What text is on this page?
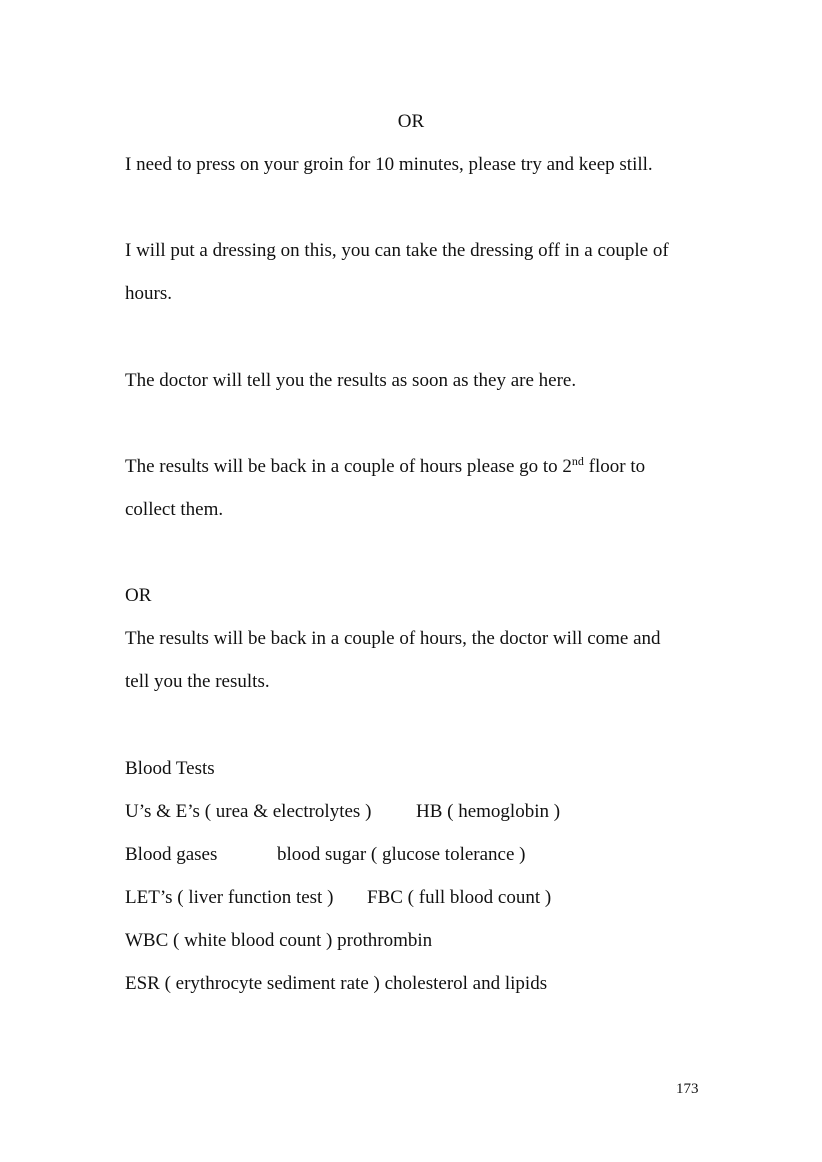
OR
I need to press on your groin for 10 minutes, please try and keep still.
I will put a dressing on this, you can take the dressing off in a couple of
hours.
The doctor will tell you the results as soon as they are here.
The results will be back in a couple of hours please go to 2nd floor to
collect them.
OR
The results will be back in a couple of hours, the doctor will come and
tell you the results.
Blood Tests
U’s & E’s ( urea & electrolytes ) HB ( hemoglobin )
Blood gases	blood sugar ( glucose tolerance )
LET’s ( liver function test ) FBC ( full blood count )
WBC ( white blood count ) prothrombin
ESR ( erythrocyte sediment rate ) cholesterol and lipids
173
